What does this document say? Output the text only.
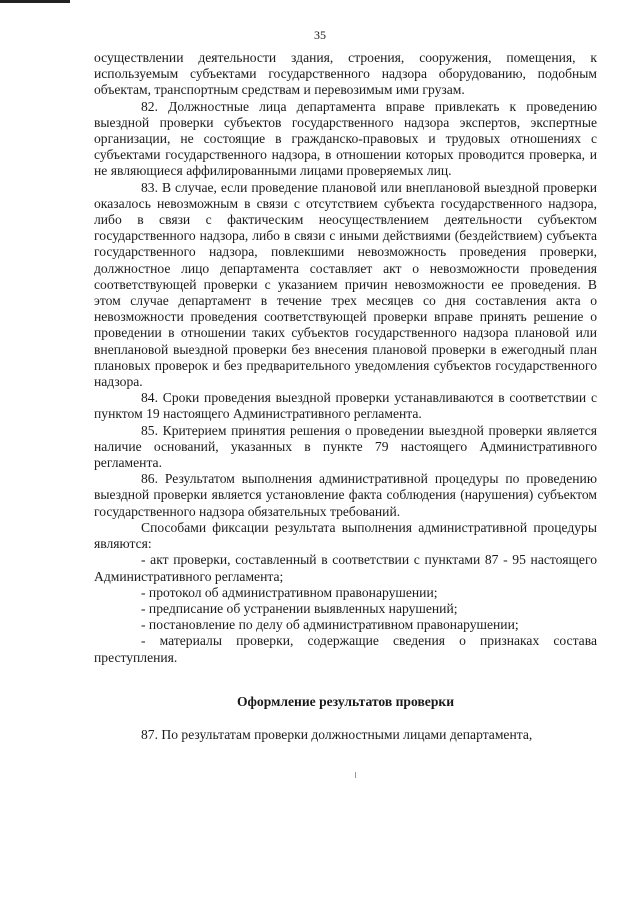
35

осуществлении деятельности здания, строения, сооружения, помещения, к используемым субъектами государственного надзора оборудованию, подобным объектам, транспортным средствам и перевозимым ими грузам.

82. Должностные лица департамента вправе привлекать к проведению выездной проверки субъектов государственного надзора экспертов, экспертные организации, не состоящие в гражданско-правовых и трудовых отношениях с субъектами государственного надзора, в отношении которых проводится проверка, и не являющиеся аффилированными лицами проверяемых лиц.

83. В случае, если проведение плановой или внеплановой выездной проверки оказалось невозможным в связи с отсутствием субъекта государственного надзора, либо в связи с фактическим неосуществлением деятельности субъектом государственного надзора, либо в связи с иными действиями (бездействием) субъекта государственного надзора, повлекшими невозможность проведения проверки, должностное лицо департамента составляет акт о невозможности проведения соответствующей проверки с указанием причин невозможности ее проведения. В этом случае департамент в течение трех месяцев со дня составления акта о невозможности проведения соответствующей проверки вправе принять решение о проведении в отношении таких субъектов государственного надзора плановой или внеплановой выездной проверки без внесения плановой проверки в ежегодный план плановых проверок и без предварительного уведомления субъектов государственного надзора.

84. Сроки проведения выездной проверки устанавливаются в соответствии с пунктом 19 настоящего Административного регламента.

85. Критерием принятия решения о проведении выездной проверки является наличие оснований, указанных в пункте 79 настоящего Административного регламента.

86. Результатом выполнения административной процедуры по проведению выездной проверки является установление факта соблюдения (нарушения) субъектом государственного надзора обязательных требований.

Способами фиксации результата выполнения административной процедуры являются:

- акт проверки, составленный в соответствии с пунктами 87 - 95 настоящего Административного регламента;

- протокол об административном правонарушении;

- предписание об устранении выявленных нарушений;

- постановление по делу об административном правонарушении;

- материалы проверки, содержащие сведения о признаках состава преступления.

Оформление результатов проверки

87. По результатам проверки должностными лицами департамента,
